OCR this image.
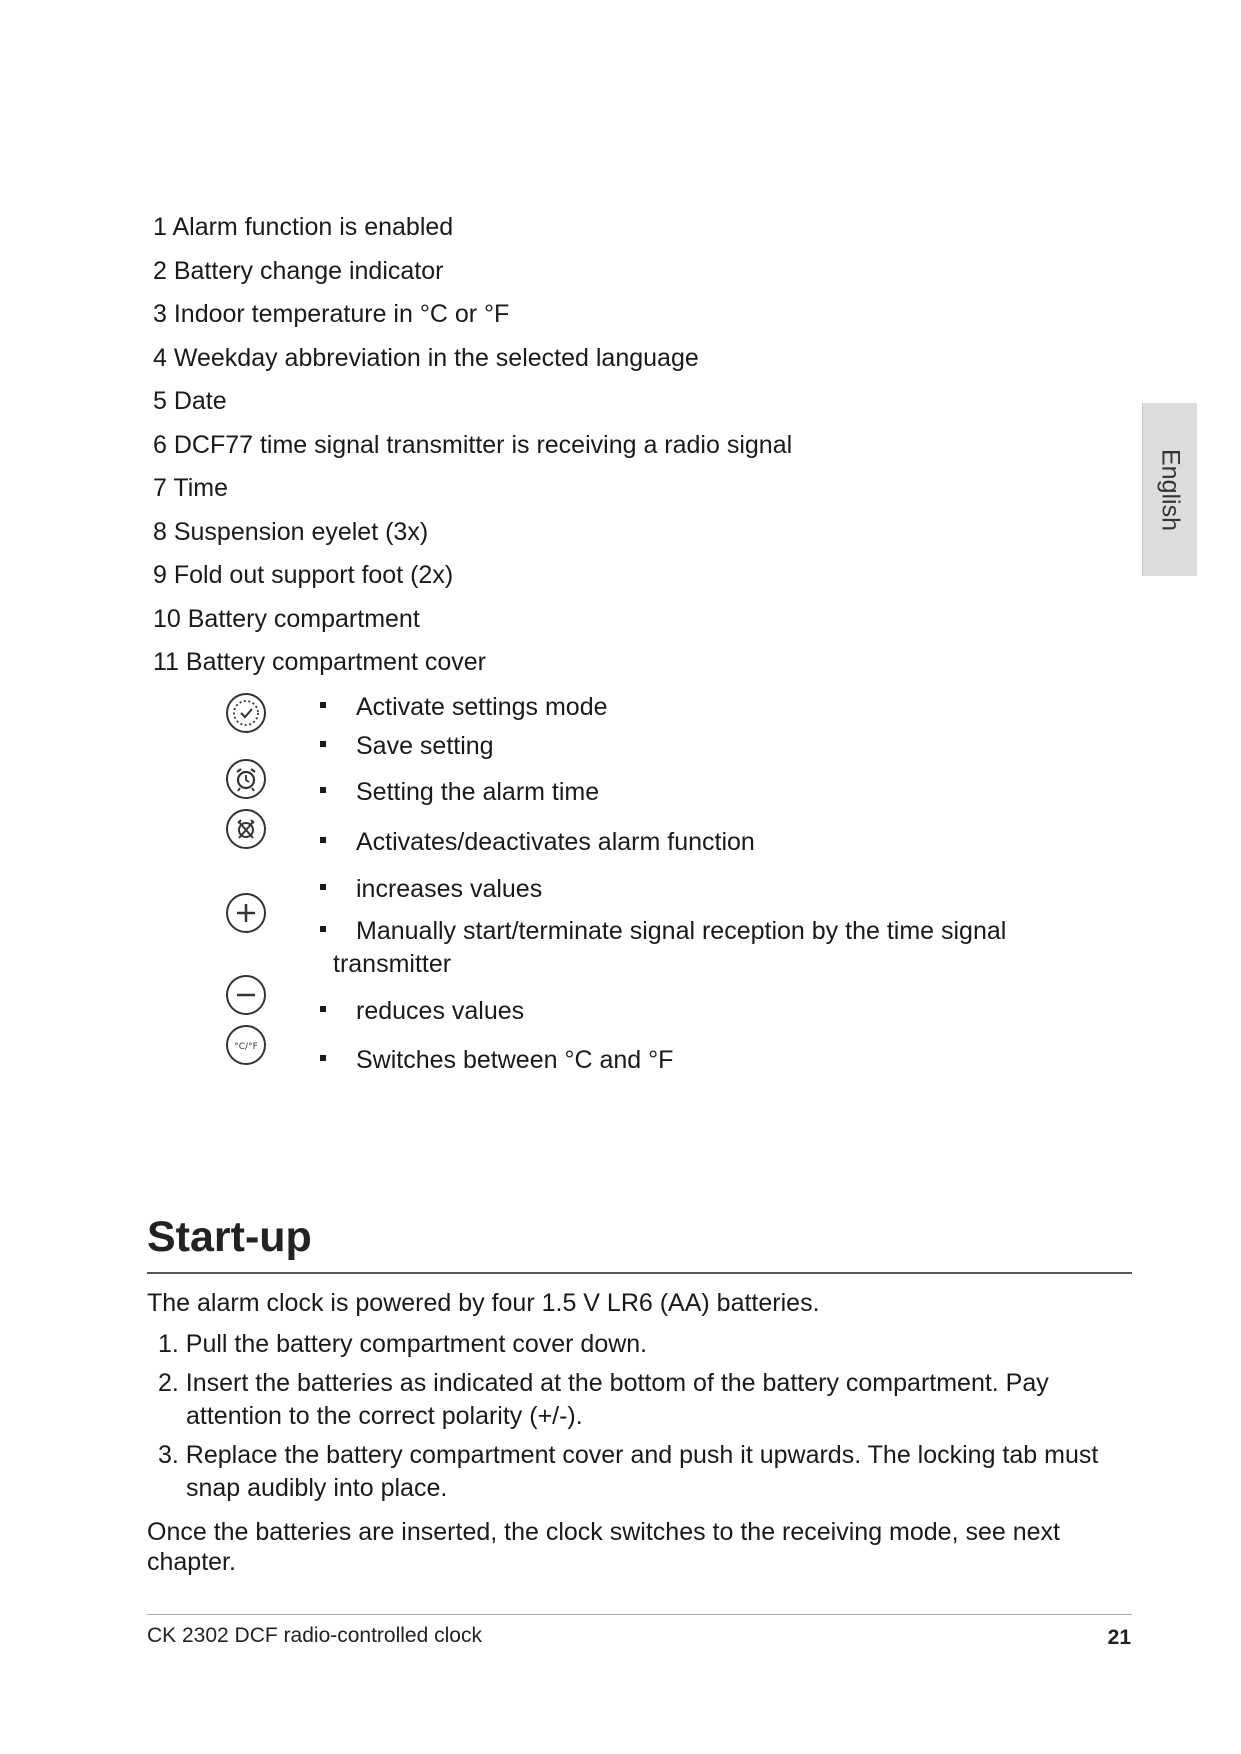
1 Alarm function is enabled
2 Battery change indicator
3 Indoor temperature in °C or °F
4 Weekday abbreviation in the selected language
5 Date
6 DCF77 time signal transmitter is receiving a radio signal
7 Time
8 Suspension eyelet (3x)
9 Fold out support foot (2x)
10 Battery compartment
11 Battery compartment cover
Activate settings mode
Save setting
Setting the alarm time
Activates/deactivates alarm function
increases values
Manually start/terminate signal reception by the time signal
transmitter
reduces values
°C/°F	Switches between °C and °F
English
Start-up

The alarm clock is powered by four 1.5 V LR6 (AA) batteries.

1. Pull the battery compartment cover down.
2. Insert the batteries as indicated at the bottom of the battery compartment. Pay attention to the correct polarity (+/-).
3. Replace the battery compartment cover and push it upwards. The locking tab must snap audibly into place.

Once the batteries are inserted, the clock switches to the receiving mode, see next chapter.

CK 2302 DCF radio-controlled clock	21
